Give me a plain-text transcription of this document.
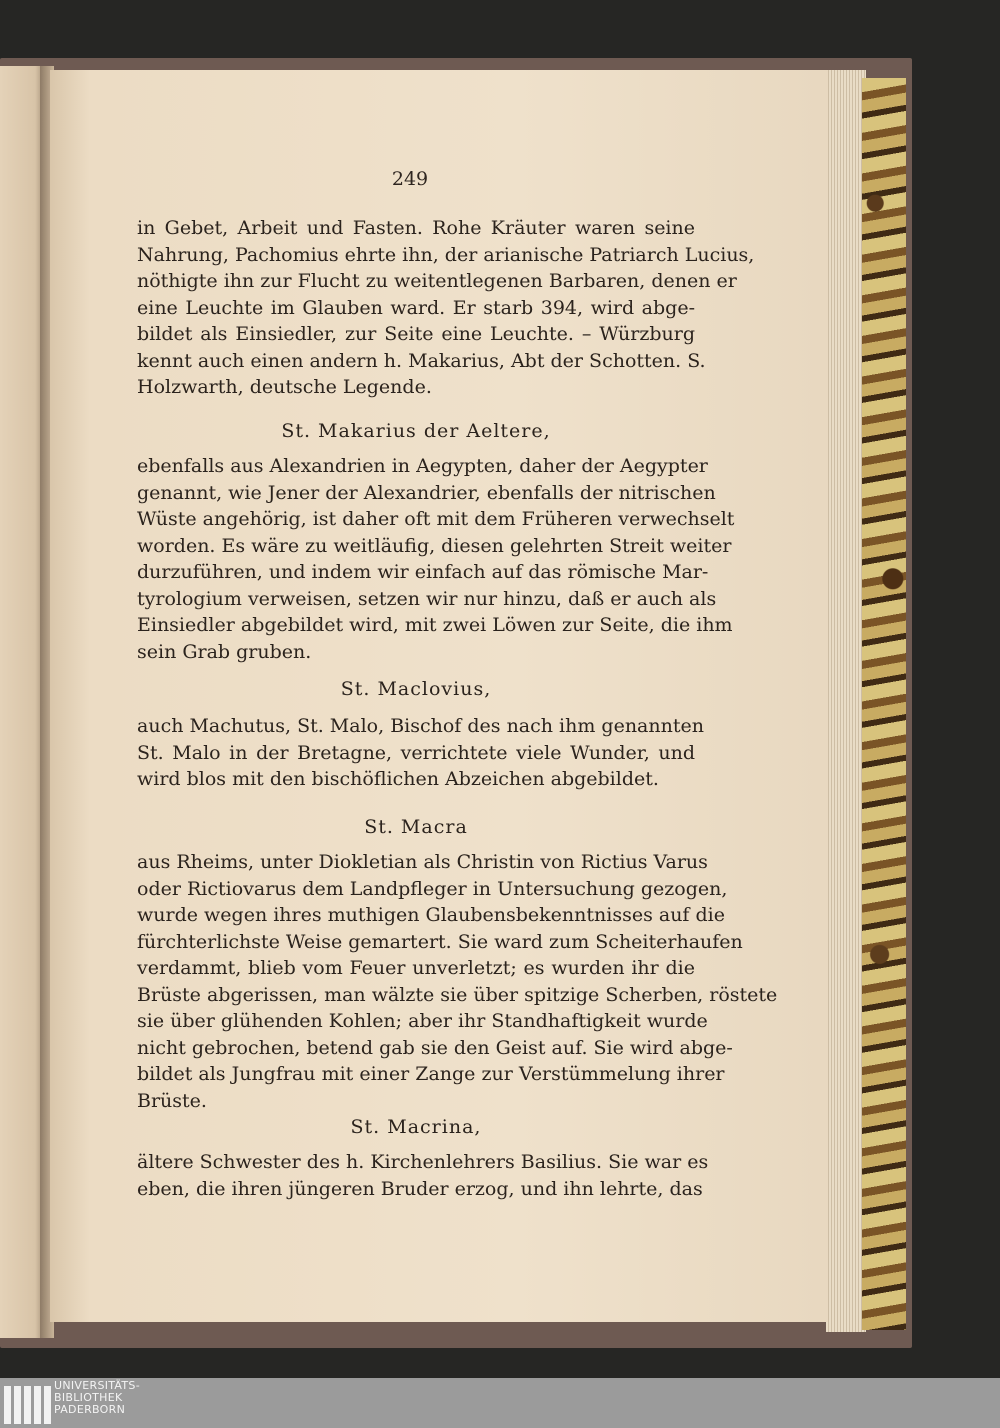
249
in Gebet, Arbeit und Fasten. Rohe Kräuter waren seine
Nahrung, Pachomius ehrte ihn, der arianische Patriarch Lucius,
nöthigte ihn zur Flucht zu weitentlegenen Barbaren, denen er
eine Leuchte im Glauben ward. Er starb 394, wird abge-
bildet als Einsiedler, zur Seite eine Leuchte. – Würzburg
kennt auch einen andern h. Makarius, Abt der Schotten. S.
Holzwarth, deutsche Legende.
St. Makarius der Aeltere,
ebenfalls aus Alexandrien in Aegypten, daher der Aegypter
genannt, wie Jener der Alexandrier, ebenfalls der nitrischen
Wüste angehörig, ist daher oft mit dem Früheren verwechselt
worden. Es wäre zu weitläufig, diesen gelehrten Streit weiter
durzuführen, und indem wir einfach auf das römische Mar-
tyrologium verweisen, setzen wir nur hinzu, daß er auch als
Einsiedler abgebildet wird, mit zwei Löwen zur Seite, die ihm
sein Grab gruben.
St. Maclovius,
auch Machutus, St. Malo, Bischof des nach ihm genannten
St. Malo in der Bretagne, verrichtete viele Wunder, und
wird blos mit den bischöflichen Abzeichen abgebildet.
St. Macra
aus Rheims, unter Diokletian als Christin von Rictius Varus
oder Rictiovarus dem Landpfleger in Untersuchung gezogen,
wurde wegen ihres muthigen Glaubensbekenntnisses auf die
fürchterlichste Weise gemartert. Sie ward zum Scheiterhaufen
verdammt, blieb vom Feuer unverletzt; es wurden ihr die
Brüste abgerissen, man wälzte sie über spitzige Scherben, röstete
sie über glühenden Kohlen; aber ihr Standhaftigkeit wurde
nicht gebrochen, betend gab sie den Geist auf. Sie wird abge-
bildet als Jungfrau mit einer Zange zur Verstümmelung ihrer
Brüste.
St. Macrina,
ältere Schwester des h. Kirchenlehrers Basilius. Sie war es
eben, die ihren jüngeren Bruder erzog, und ihn lehrte, das
UNIVERSITÄTS-
BIBLIOTHEK
PADERBORN
